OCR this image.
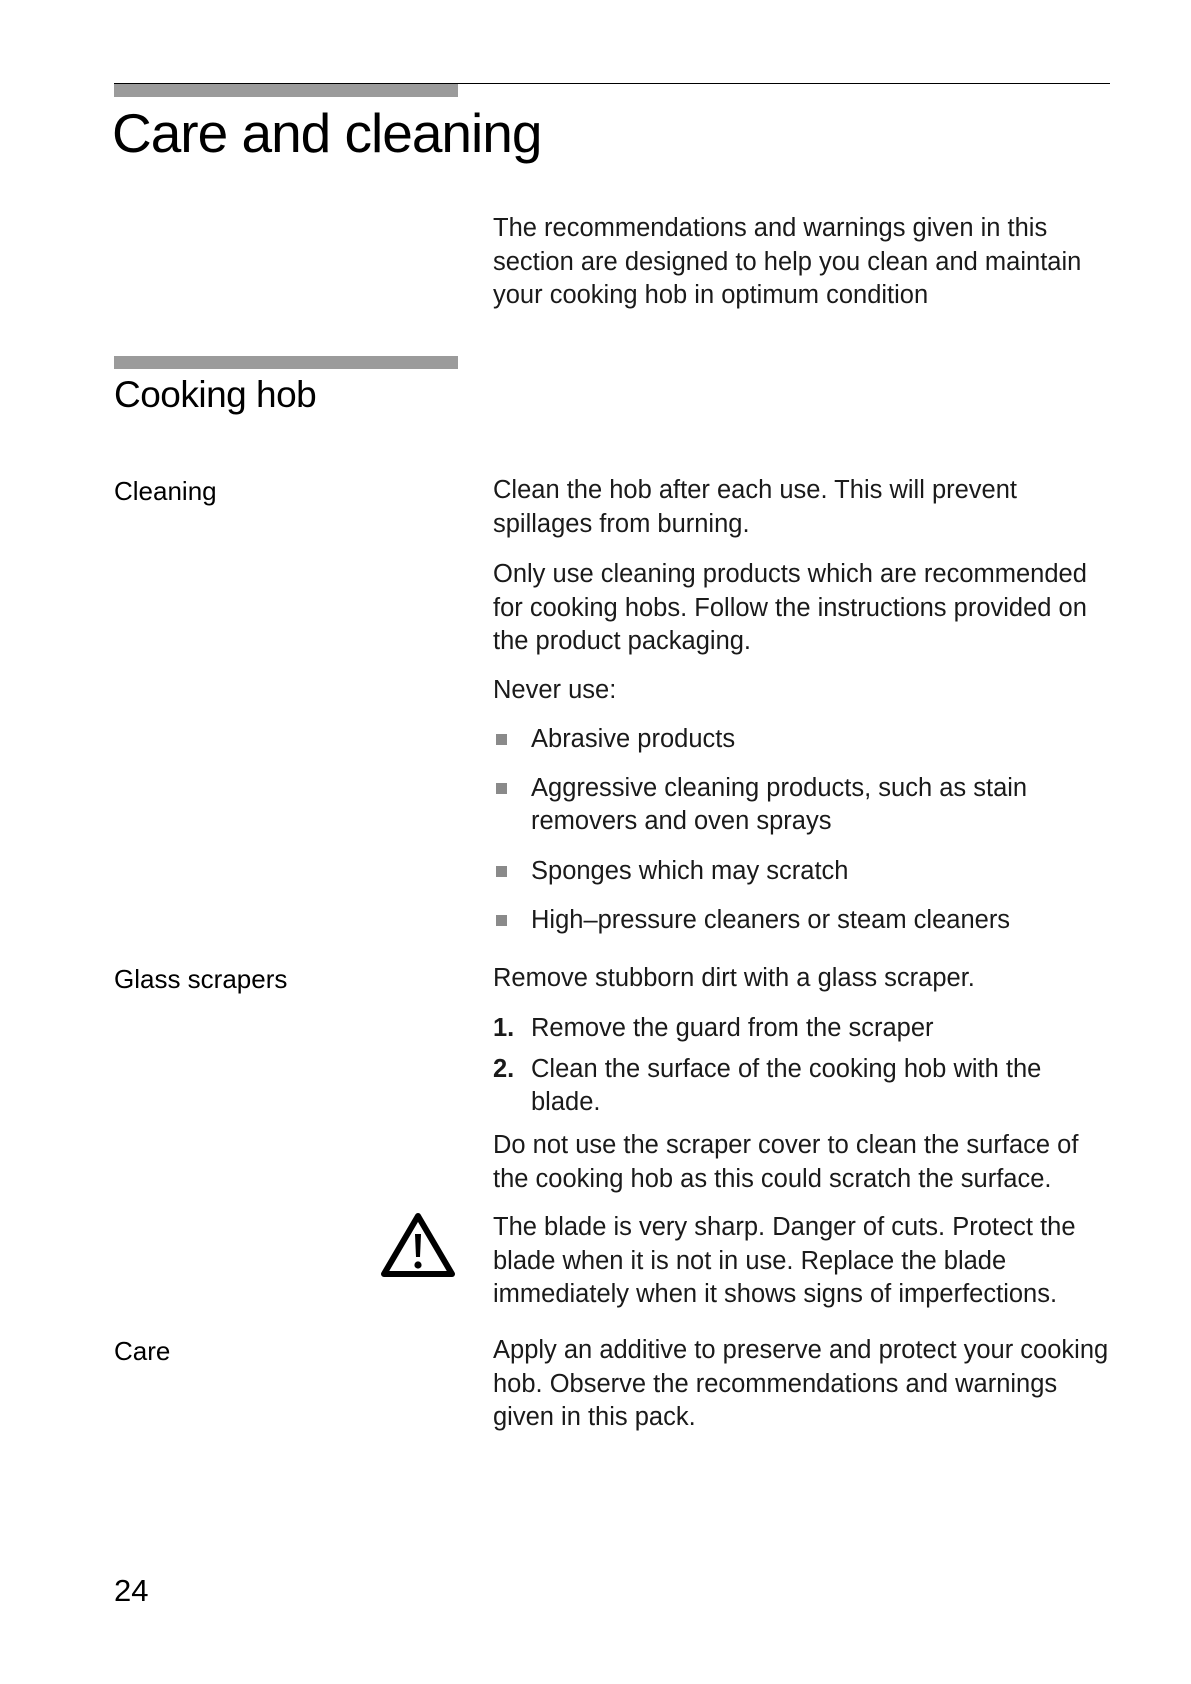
Care and cleaning

The recommendations and warnings given in this section are designed to help you clean and maintain your cooking hob in optimum condition

Cooking hob
Cleaning	Clean the hob after each use. This will prevent spillages from burning.

Only use cleaning products which are recommended for cooking hobs. Follow the instructions provided on the product packaging.

Never use:

Abrasive products
Aggressive cleaning products, such as stain removers and oven sprays
Sponges which may scratch
High–pressure cleaners or steam cleaners
Glass scrapers	Remove stubborn dirt with a glass scraper.

1. Remove the guard from the scraper
2. Clean the surface of the cooking hob with the blade.

Do not use the scraper cover to clean the surface of the cooking hob as this could scratch the surface.

The blade is very sharp. Danger of cuts. Protect the blade when it is not in use. Replace the blade immediately when it shows signs of imperfections.

Care	Apply an additive to preserve and protect your cooking hob. Observe the recommendations and warnings given in this pack.

24
